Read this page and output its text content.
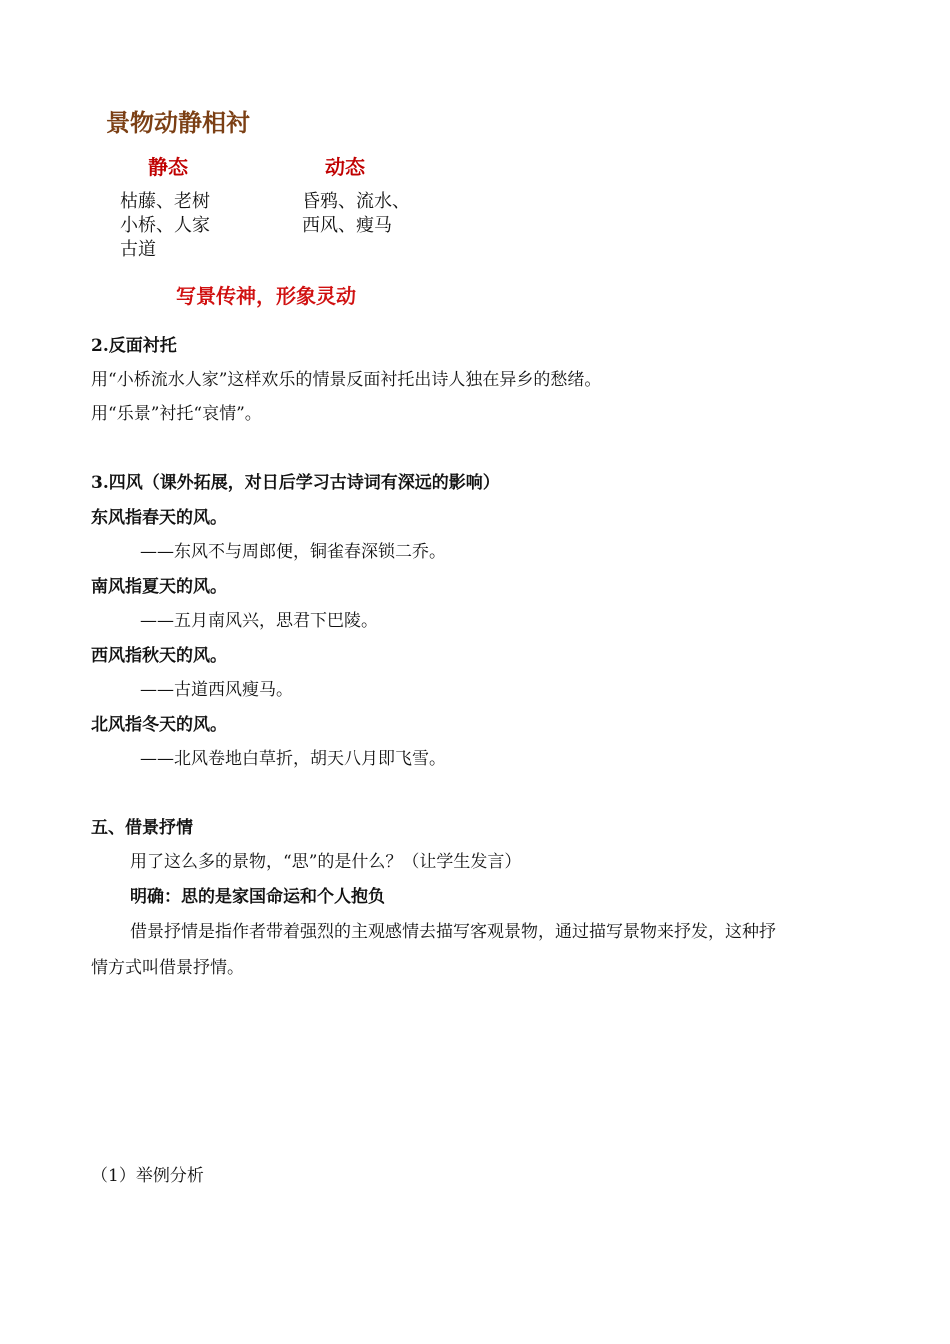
景物动静相衬
静态	动态
枯藤、老树
小桥、人家
古道
昏鸦、流水、
西风、瘦马
写景传神，形象灵动
2.反面衬托
用“小桥流水人家”这样欢乐的情景反面衬托出诗人独在异乡的愁绪。
用“乐景”衬托“哀情”。
3.四风（课外拓展，对日后学习古诗词有深远的影响）
东风指春天的风。
——东风不与周郎便，铜雀春深锁二乔。
南风指夏天的风。
——五月南风兴，思君下巴陵。
西风指秋天的风。
——古道西风瘦马。
北风指冬天的风。
——北风卷地白草折，胡天八月即飞雪。
五、借景抒情
用了这么多的景物，“思”的是什么？（让学生发言）
明确：思的是家国命运和个人抱负
借景抒情是指作者带着强烈的主观感情去描写客观景物，通过描写景物来抒发，这种抒
情方式叫借景抒情。
（1）举例分析
